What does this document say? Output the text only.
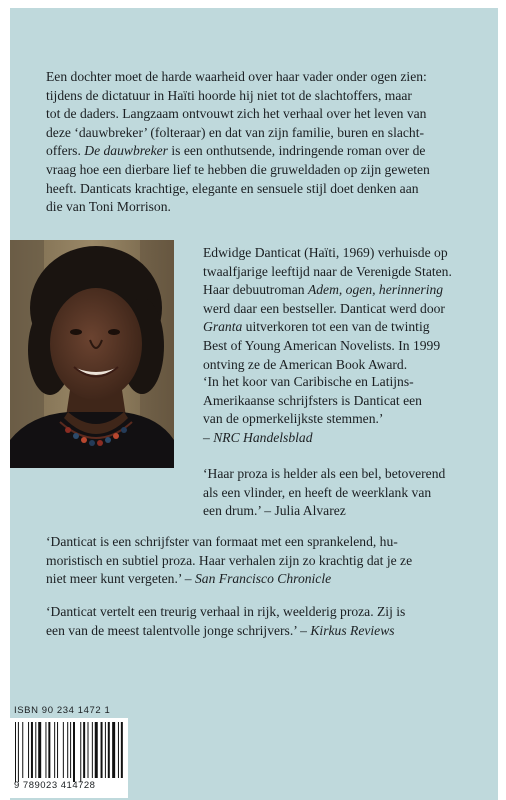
Een dochter moet de harde waarheid over haar vader onder ogen zien:
tijdens de dictatuur in Haïti hoorde hij niet tot de slachtoffers, maar
tot de daders. Langzaam ontvouwt zich het verhaal over het leven van
deze ‘dauwbreker’ (folteraar) en dat van zijn familie, buren en slacht-
offers. De dauwbreker is een onthutsende, indringende roman over de
vraag hoe een dierbare lief te hebben die gruweldaden op zijn geweten
heeft. Danticats krachtige, elegante en sensuele stijl doet denken aan
die van Toni Morrison.

Edwidge Danticat (Haïti, 1969) verhuisde op
twaalfjarige leeftijd naar de Verenigde Staten.
Haar debuutroman Adem, ogen, herinnering
werd daar een bestseller. Danticat werd door
Granta uitverkoren tot een van de twintig
Best of Young American Novelists. In 1999
ontving ze de American Book Award.

‘In het koor van Caribische en Latijns-
Amerikaanse schrijfsters is Danticat een
van de opmerkelijkste stemmen.’
– NRC Handelsblad

‘Haar proza is helder als een bel, betoverend
als een vlinder, en heeft de weerklank van
een drum.’ – Julia Alvarez

‘Danticat is een schrijfster van formaat met een sprankelend, hu-
moristisch en subtiel proza. Haar verhalen zijn zo krachtig dat je ze
niet meer kunt vergeten.’ – San Francisco Chronicle

‘Danticat vertelt een treurig verhaal in rijk, weelderig proza. Zij is
een van de meest talentvolle jonge schrijvers.’ – Kirkus Reviews

ISBN 90 234 1472 1
9 789023 414728
